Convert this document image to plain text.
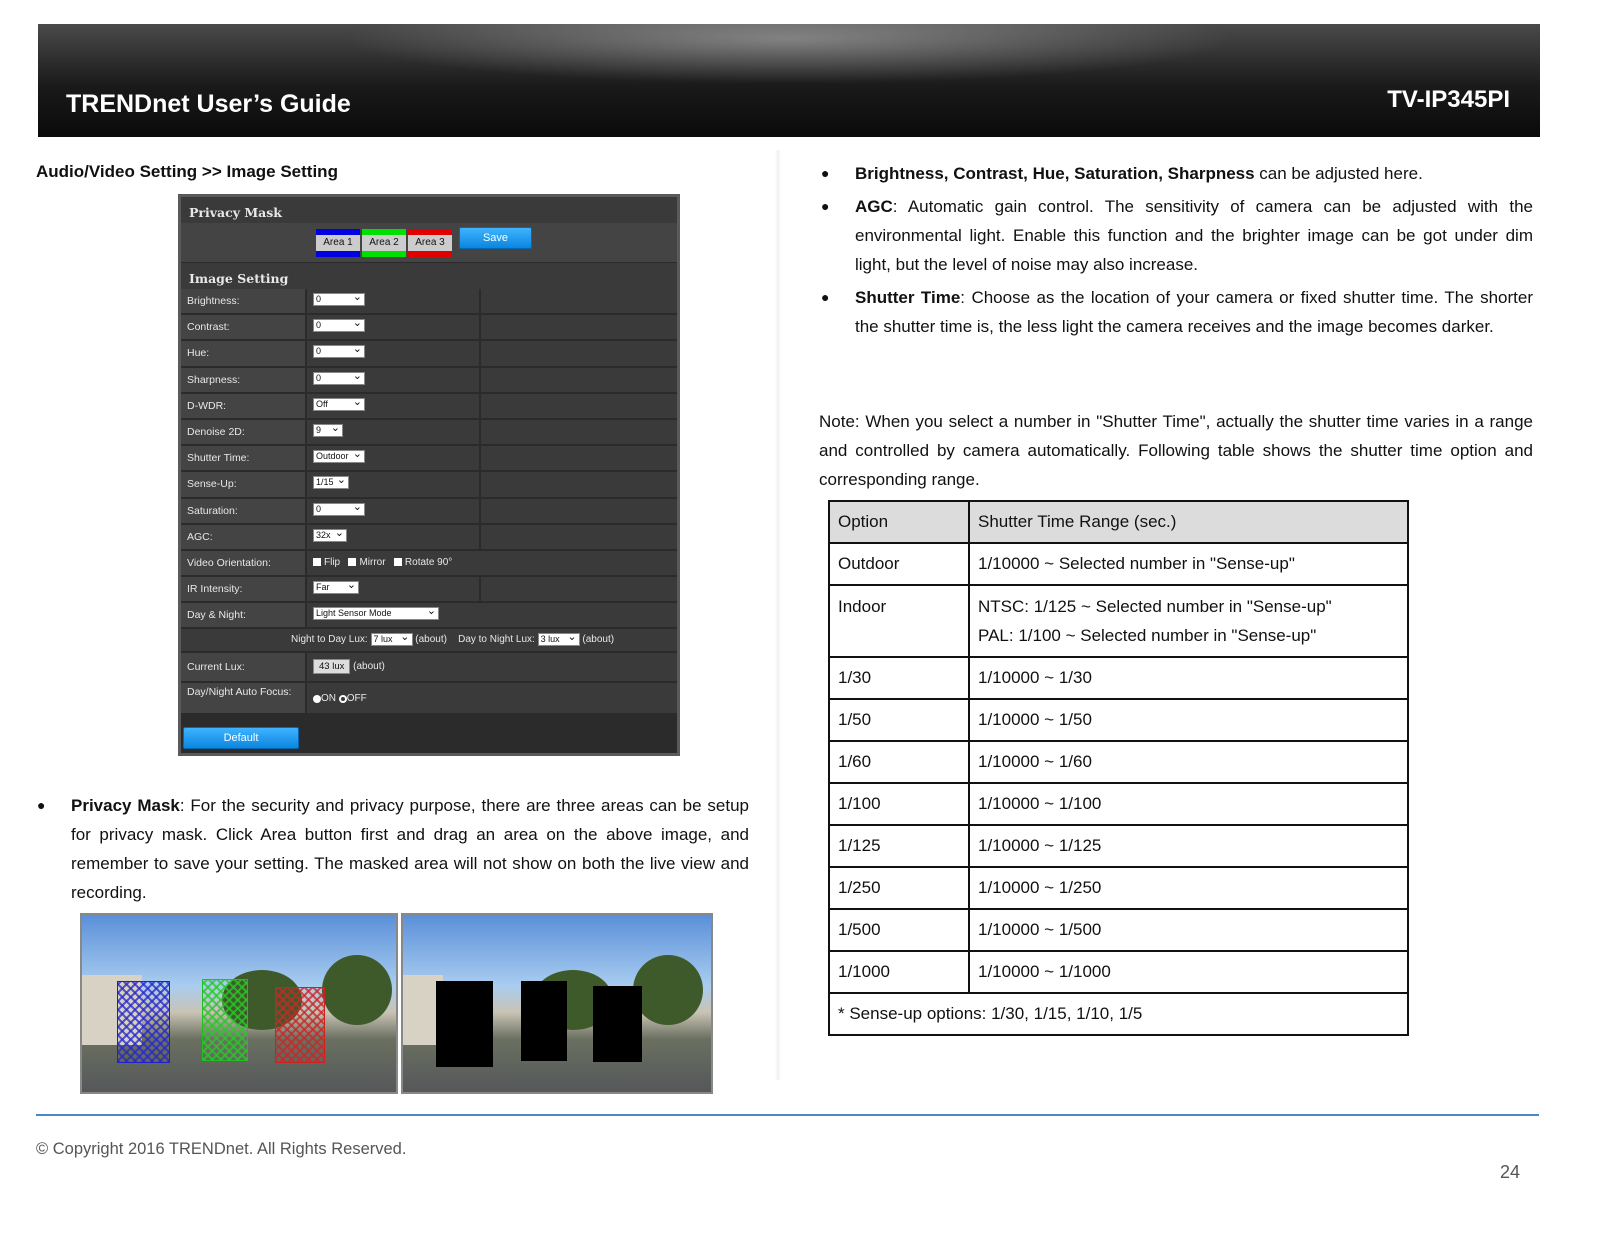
TRENDnet User’s Guide	TV-IP345PI
Audio/Video Setting >> Image Setting
Privacy Mask
Area 1	Area 2	Area 3	Save
Image Setting
Brightness:	0 ⌄
Contrast:	0 ⌄
Hue:	0 ⌄
Sharpness:	0 ⌄
D-WDR:	Off ⌄
Denoise 2D:	9 ⌄
Shutter Time:	Outdoor ⌄
Sense-Up:	1/15 ⌄
Saturation:	0 ⌄
AGC:	32x ⌄
Video Orientation:	Flip Mirror Rotate 90°
IR Intensity:	Far ⌄
Day & Night:	Light Sensor Mode ⌄
Night to Day Lux: 7 lux ⌄ (about) Day to Night Lux: 3 lux ⌄ (about)
Current Lux:	43 lux (about)
Day/Night Auto Focus:
ON OFF
Default
● Privacy Mask: For the security and privacy purpose, there are three areas can be setup for privacy mask. Click Area button first and drag an area on the above image, and remember to save your setting. The masked area will not show on both the live view and recording.
● Brightness, Contrast, Hue, Saturation, Sharpness can be adjusted here.
● AGC: Automatic gain control. The sensitivity of camera can be adjusted with the environmental light. Enable this function and the brighter image can be got under dim light, but the level of noise may also increase.
● Shutter Time: Choose as the location of your camera or fixed shutter time. The shorter the shutter time is, the less light the camera receives and the image becomes darker.
Note: When you select a number in "Shutter Time", actually the shutter time varies in a range and controlled by camera automatically. Following table shows the shutter time option and corresponding range.
Option	Shutter Time Range (sec.)
Outdoor	1/10000 ~ Selected number in "Sense-up"
Indoor	NTSC: 1/125 ~ Selected number in "Sense-up"
PAL: 1/100 ~ Selected number in "Sense-up"

1/30	1/10000 ~ 1/30
1/50	1/10000 ~ 1/50
1/60	1/10000 ~ 1/60
1/100	1/10000 ~ 1/100
1/125	1/10000 ~ 1/125
1/250	1/10000 ~ 1/250
1/500	1/10000 ~ 1/500
1/1000	1/10000 ~ 1/1000
* Sense-up options: 1/30, 1/15, 1/10, 1/5	
© Copyright 2016 TRENDnet. All Rights Reserved.
24
